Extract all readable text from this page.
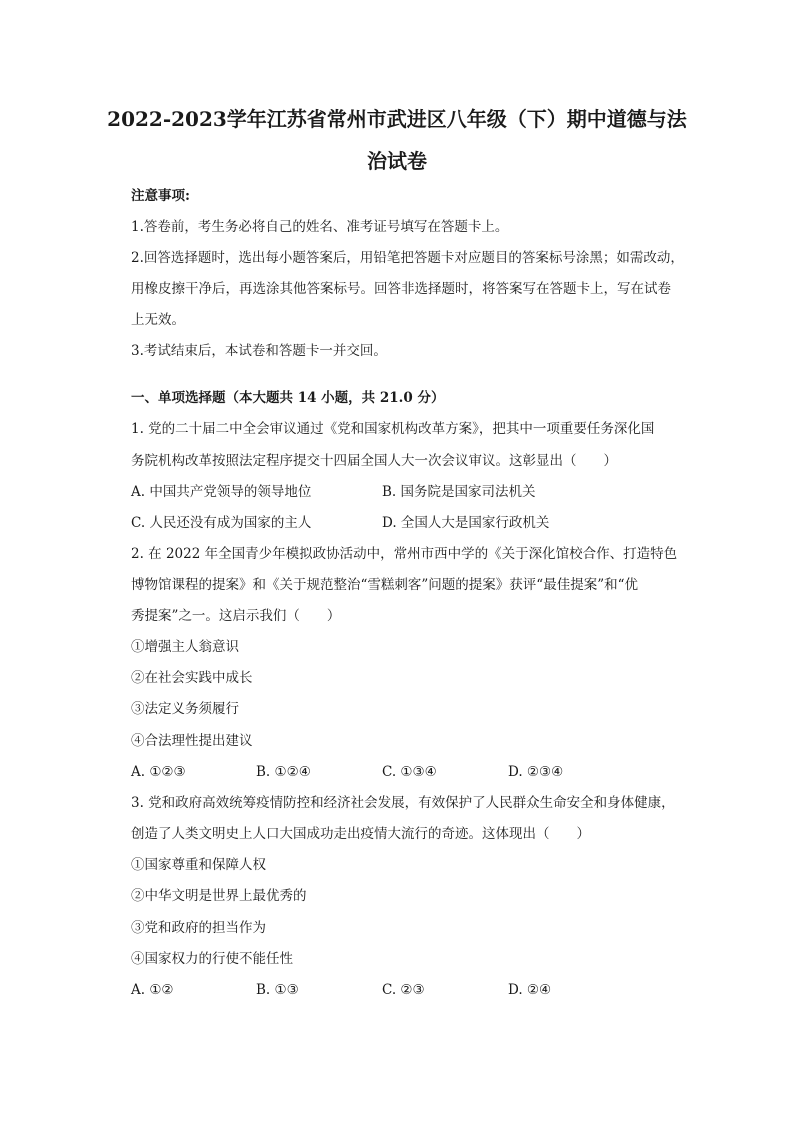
2022-2023学年江苏省常州市武进区八年级（下）期中道德与法
治试卷
注意事项:
1.答卷前，考生务必将自己的姓名、准考证号填写在答题卡上。
2.回答选择题时，选出每小题答案后，用铅笔把答题卡对应题目的答案标号涂黑；如需改动，
用橡皮擦干净后，再选涂其他答案标号。回答非选择题时，将答案写在答题卡上，写在试卷
上无效。
3.考试结束后，本试卷和答题卡一并交回。
一、单项选择题（本大题共 14 小题，共 21.0 分）
1. 党的二十届二中全会审议通过《党和国家机构改革方案》，把其中一项重要任务深化国
务院机构改革按照法定程序提交十四届全国人大一次会议审议。这彰显出（　　）
A. 中国共产党领导的领导地位	B. 国务院是国家司法机关
C. 人民还没有成为国家的主人	D. 全国人大是国家行政机关
2. 在 2022 年全国青少年模拟政协活动中，常州市西中学的《关于深化馆校合作、打造特色
博物馆课程的提案》和《关于规范整治“雪糕刺客”问题的提案》获评“最佳提案”和“优
秀提案”之一。这启示我们（　　）
①增强主人翁意识
②在社会实践中成长
③法定义务须履行
④合法理性提出建议
A. ①②③	B. ①②④	C. ①③④	D. ②③④
3. 党和政府高效统筹疫情防控和经济社会发展，有效保护了人民群众生命安全和身体健康，
创造了人类文明史上人口大国成功走出疫情大流行的奇迹。这体现出（　　）
①国家尊重和保障人权
②中华文明是世界上最优秀的
③党和政府的担当作为
④国家权力的行使不能任性
A. ①②	B. ①③	C. ②③	D. ②④
